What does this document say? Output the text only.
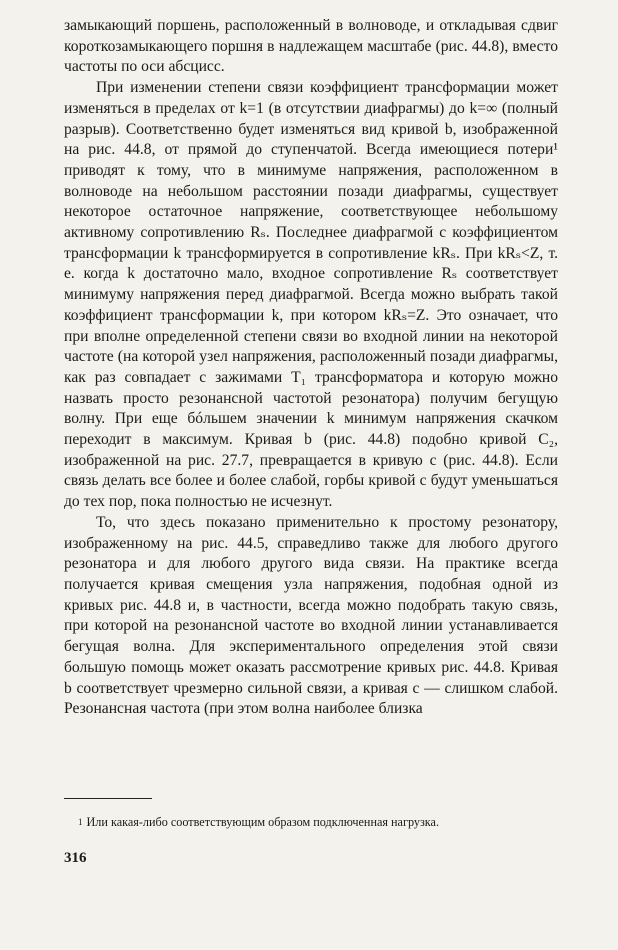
замыкающий поршень, расположенный в волноводе, и откладывая сдвиг короткозамыкающего поршня в надлежащем масштабе (рис. 44.8), вместо частоты по оси абсцисс.

При изменении степени связи коэффициент трансформации может изменяться в пределах от k=1 (в отсутствии диафрагмы) до k=∞ (полный разрыв). Соответственно будет изменяться вид кривой b, изображенной на рис. 44.8, от прямой до ступенчатой. Всегда имеющиеся потери¹ приводят к тому, что в минимуме напряжения, расположенном в волноводе на небольшом расстоянии позади диафрагмы, существует некоторое остаточное напряжение, соответствующее небольшому активному сопротивлению Rₛ. Последнее диафрагмой с коэффициентом трансформации k трансформируется в сопротивление kRₛ. При kRₛ<Z, т. е. когда k достаточно мало, входное сопротивление Rₛ соответствует минимуму напряжения перед диафрагмой. Всегда можно выбрать такой коэффициент трансформации k, при котором kRₛ=Z. Это означает, что при вполне определенной степени связи во входной линии на некоторой частоте (на которой узел напряжения, расположенный позади диафрагмы, как раз совпадает с зажимами T₁ трансформатора и которую можно назвать просто резонансной частотой резонатора) получим бегущую волну. При еще бóльшем значении k минимум напряжения скачком переходит в максимум. Кривая b (рис. 44.8) подобно кривой C₂, изображенной на рис. 27.7, превращается в кривую c (рис. 44.8). Если связь делать все более и более слабой, горбы кривой c будут уменьшаться до тех пор, пока полностью не исчезнут.

То, что здесь показано применительно к простому резонатору, изображенному на рис. 44.5, справедливо также для любого другого резонатора и для любого другого вида связи. На практике всегда получается кривая смещения узла напряжения, подобная одной из кривых рис. 44.8 и, в частности, всегда можно подобрать такую связь, при которой на резонансной частоте во входной линии устанавливается бегущая волна. Для экспериментального определения этой связи большую помощь может оказать рассмотрение кривых рис. 44.8. Кривая b соответствует чрезмерно сильной связи, а кривая c — слишком слабой. Резонансная частота (при этом волна наиболее близка

$^1$ Или какая-либо соответствующим образом подключенная нагрузка.
316
